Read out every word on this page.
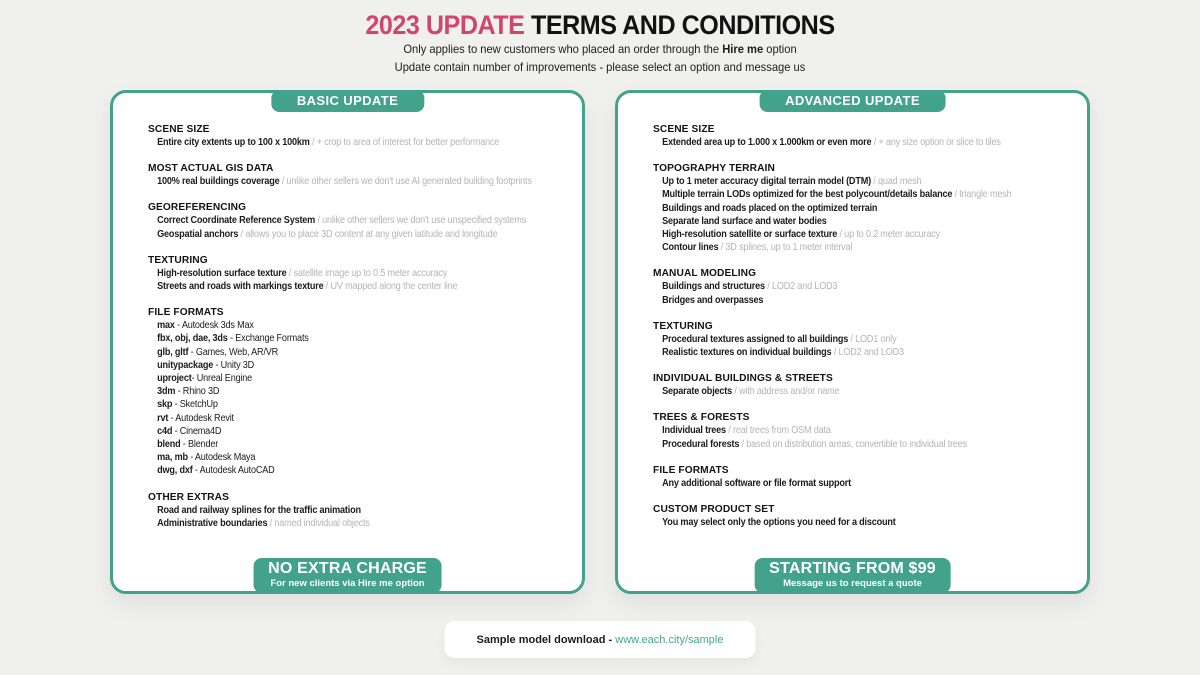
2023 UPDATE TERMS AND CONDITIONS
Only applies to new customers who placed an order through the Hire me option
Update contain number of improvements - please select an option and message us
BASIC UPDATE
SCENE SIZE
Entire city extents up to 100 x 100km / + crop to area of interest for better performance
MOST ACTUAL GIS DATA
100% real buildings coverage / unlike other sellers we don't use AI generated building footprints
GEOREFERENCING
Correct Coordinate Reference System / unlike other sellers we don't use unspecified systems
Geospatial anchors / allows you to place 3D content at any given latitude and longitude
TEXTURING
High-resolution surface texture / satellite image up to 0.5 meter accuracy
Streets and roads with markings texture / UV mapped along the center line
FILE FORMATS
max - Autodesk 3ds Max
fbx, obj, dae, 3ds - Exchange Formats
glb, gltf - Games, Web, AR/VR
unitypackage - Unity 3D
uproject- Unreal Engine
3dm - Rhino 3D
skp - SketchUp
rvt - Autodesk Revit
c4d - Cinema4D
blend - Blender
ma, mb - Autodesk Maya
dwg, dxf - Autodesk AutoCAD
OTHER EXTRAS
Road and railway splines for the traffic animation
Administrative boundaries / named individual objects
NO EXTRA CHARGE
For new clients via Hire me option
ADVANCED UPDATE
SCENE SIZE
Extended area up to 1.000 x 1.000km or even more / + any size option or slice to tiles
TOPOGRAPHY TERRAIN
Up to 1 meter accuracy digital terrain model (DTM) / quad mesh
Multiple terrain LODs optimized for the best polycount/details balance / triangle mesh
Buildings and roads placed on the optimized terrain
Separate land surface and water bodies
High-resolution satellite or surface texture / up to 0.2 meter accuracy
Contour lines / 3D splines, up to 1 meter interval
MANUAL MODELING
Buildings and structures / LOD2 and LOD3
Bridges and overpasses
TEXTURING
Procedural textures assigned to all buildings / LOD1 only
Realistic textures on individual buildings / LOD2 and LOD3
INDIVIDUAL BUILDINGS & STREETS
Separate objects / with address and/or name
TREES & FORESTS
Individual trees / real trees from OSM data
Procedural forests / based on distribution areas, convertible to individual trees
FILE FORMATS
Any additional software or file format support
CUSTOM PRODUCT SET
You may select only the options you need for a discount
STARTING FROM $99
Message us to request a quote
Sample model download - www.each.city/sample
